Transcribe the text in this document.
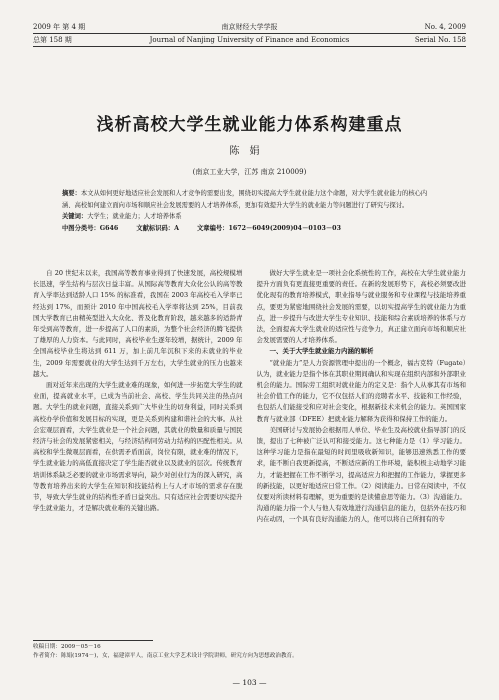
2009 年 第 4 期	南京财经大学学报	No. 4, 2009
总第 158 期	Journal of Nanjing University of Finance and Economics	Serial No. 158
浅析高校大学生就业能力体系构建重点
陈娟
(南京工业大学，江苏 南京 210009)
摘要：本文从如何更好地适应社会发展和人才竞争的需要出发，围绕切实提高大学生就业能力这个命题，对大学生就业能力的核心内涵、高校如何建立面向市场和顺应社会发展需要的人才培养体系，更加有效提升大学生的就业能力等问题进行了研究与探讨。
关键词：大学生；就业能力；人才培养体系
中图分类号：G646	文献标识码：A	文章编号：1672－6049(2009)04－0103－03

自 20 世纪末以来，我国高等教育事业得到了快速发展，高校规模增长迅速，学生结构与层次日益丰富。从国际高等教育大众化公认的高等教育入学率达到适龄人口 15% 的标准看，我国在 2003 年高校毛入学率已经达到 17%，而预计 2010 年中国高校毛入学率将达到 25%，目前我国大学教育已由精英型进入大众化、普及化教育阶段，越来越多的适龄青年受到高等教育，进一步提高了人口的素质，为整个社会经济的腾飞提供了雄厚的人力资本。与此同时，高校毕业生逐年较增，据统计，2009 年全国高校毕业生将达到 611 万，加上前几年沉积下来的未就业的毕业生，2009 年需要就业的大学生达到千万左右，大学生就业的压力也越来越大。

面对近年来出现的大学生就业难的现象，如何进一步拓宽大学生的就业面，提高就业水平，已成为当前社会、高校、学生共同关注的热点问题。大学生的就业问题，直接关系到广大毕业生的切身利益，同时关系到高校办学价值和发展目标的实现，更是关系到构建和谐社会的大事。从社会宏观层面看，大学生就业是一个社会问题，其就业的数量和质量与国民经济与社会的发展紧密相关，与经济结构同劳动力结构的匹配性相关。从高校和学生微观层面看，在供需矛盾面前，岗位有限，就业难的情况下，学生就业能力的高低直接决定了学生能否就业以及就业的层次。传统教育培训体系缺乏必要的就业市场需求导向，缺少对创业行为的深入研究，高等教育培养出来的大学生在知识和技能结构上与人才市场的需求存在脱节，导致大学生就业的结构性矛盾日益突出。只有适应社会需要切实提升学生就业能力，才是解决就业难的关键出路。

做好大学生就业是一项社会化系统性的工作，高校在大学生就业能力提升方面负有更直接更重要的责任。在新的发展形势下，高校必须要改进优化现有的教育培养模式，职业指导与就业服务和专业课程与技能培养重点，要更为紧密地围绕社会发展的需要，以切实提高学生的就业能力为重点，进一步提升与改进大学生专业知识、技能和综合素质培养的体系与方法，全面提高大学生就业的适应性与竞争力，真正建立面向市场和顺应社会发展需要的人才培养体系。

一、关于大学生就业能力内涵的解析

“就业能力”是人力资源管理中提出的一个概念，福古克特（Fugate）认为，就业能力是指个体在其职业期间确认和实现在组织内部和外部职业机会的能力。国际劳工组织对就业能力的定义是：指个人从事其有市场和社会价值工作的能力，它不仅包括人们的竞聘者水平、技能和工作经验，也包括人们能接受和应对社会变化，根据新技术来机会的能力。英国国家教育与就业部（DFEE）把就业能力解释为获得和保持工作的能力。

美国研讨与发展协会根据用人单位、毕业生及高校就业指导部门的反馈，提出了七种被广泛认可和接受能力。这七种能力是（1）学习能力。这种学习能力是指在最短的时间里吸收新知识，能够迅速熟悉工作的要求，能不断自我更新提高，不断适应新的工作环境，能积极主动地学习能力，才能把握在工作不断学习，提高适应力和把握的工作能力，掌握更多的新技能，以更好地适应日常工作。（2）阅读能力。日常在阅读中，不仅仅要对所读材料有理解，更为重要的是读懂意思等能力。（3）沟通能力。沟通的能力指一个人与他人有效地进行沟通信息的能力，包括外在技巧和内在动因，一个具有良好沟通能力的人，他可以将自己所拥有的专

收稿日期：2009－05－16
作者简介：陈娟(1974－)，女，福建漳平人，南京工业大学艺术设计学院讲师，研究方向为思想政治教育。
— 103 —
